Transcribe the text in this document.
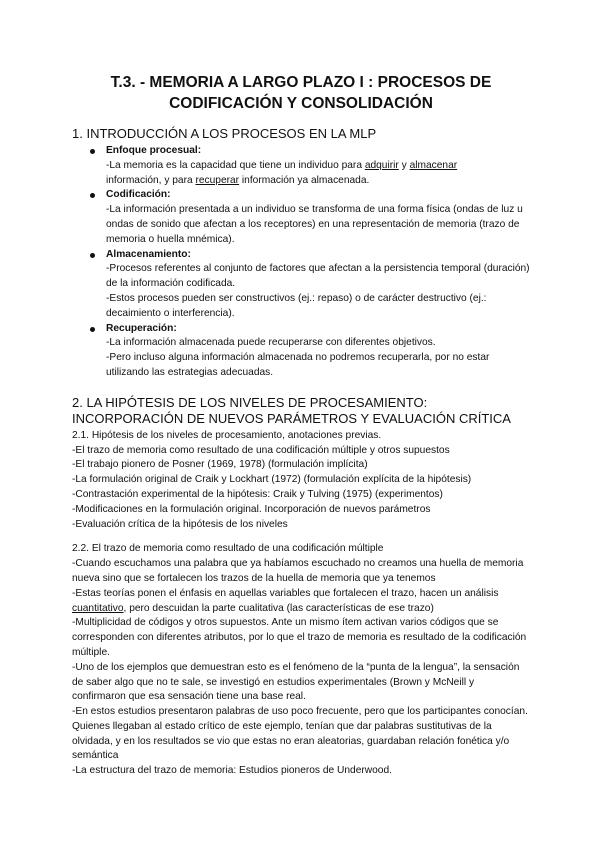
T.3. - MEMORIA A LARGO PLAZO I : PROCESOS DE
CODIFICACIÓN Y CONSOLIDACIÓN
1. INTRODUCCIÓN A LOS PROCESOS EN LA MLP
Enfoque procesual:
-La memoria es la capacidad que tiene un individuo para adquirir y almacenar
información, y para recuperar información ya almacenada.
Codificación:
-La información presentada a un individuo se transforma de una forma física (ondas de luz u ondas de sonido que afectan a los receptores) en una representación de memoria (trazo de memoria o huella mnémica).
Almacenamiento:
-Procesos referentes al conjunto de factores que afectan a la persistencia temporal (duración) de la información codificada.
-Estos procesos pueden ser constructivos (ej.: repaso) o de carácter destructivo (ej.: decaimiento o interferencia).
Recuperación:
-La información almacenada puede recuperarse con diferentes objetivos.
-Pero incluso alguna información almacenada no podremos recuperarla, por no estar utilizando las estrategias adecuadas.
2. LA HIPÓTESIS DE LOS NIVELES DE PROCESAMIENTO: INCORPORACIÓN DE NUEVOS PARÁMETROS Y EVALUACIÓN CRÍTICA
2.1. Hipótesis de los niveles de procesamiento, anotaciones previas.
-El trazo de memoria como resultado de una codificación múltiple y otros supuestos
-El trabajo pionero de Posner (1969, 1978) (formulación implícita)
-La formulación original de Craik y Lockhart (1972) (formulación explícita de la hipótesis)
-Contrastación experimental de la hipótesis: Craik y Tulving (1975) (experimentos)
-Modificaciones en la formulación original. Incorporación de nuevos parámetros
-Evaluación crítica de la hipótesis de los niveles
2.2. El trazo de memoria como resultado de una codificación múltiple
-Cuando escuchamos una palabra que ya habíamos escuchado no creamos una huella de memoria nueva sino que se fortalecen los trazos de la huella de memoria que ya tenemos
-Estas teorías ponen el énfasis en aquellas variables que fortalecen el trazo, hacen un análisis cuantitativo, pero descuidan la parte cualitativa (las características de ese trazo)
-Multiplicidad de códigos y otros supuestos. Ante un mismo ítem activan varios códigos que se corresponden con diferentes atributos, por lo que el trazo de memoria es resultado de la codificación múltiple.
-Uno de los ejemplos que demuestran esto es el fenómeno de la “punta de la lengua”, la sensación de saber algo que no te sale, se investigó en estudios experimentales (Brown y McNeill y confirmaron que esa sensación tiene una base real.
-En estos estudios presentaron palabras de uso poco frecuente, pero que los participantes conocían. Quienes llegaban al estado crítico de este ejemplo, tenían que dar palabras sustitutivas de la olvidada, y en los resultados se vio que estas no eran aleatorias, guardaban relación fonética y/o semántica
-La estructura del trazo de memoria: Estudios pioneros de Underwood.
